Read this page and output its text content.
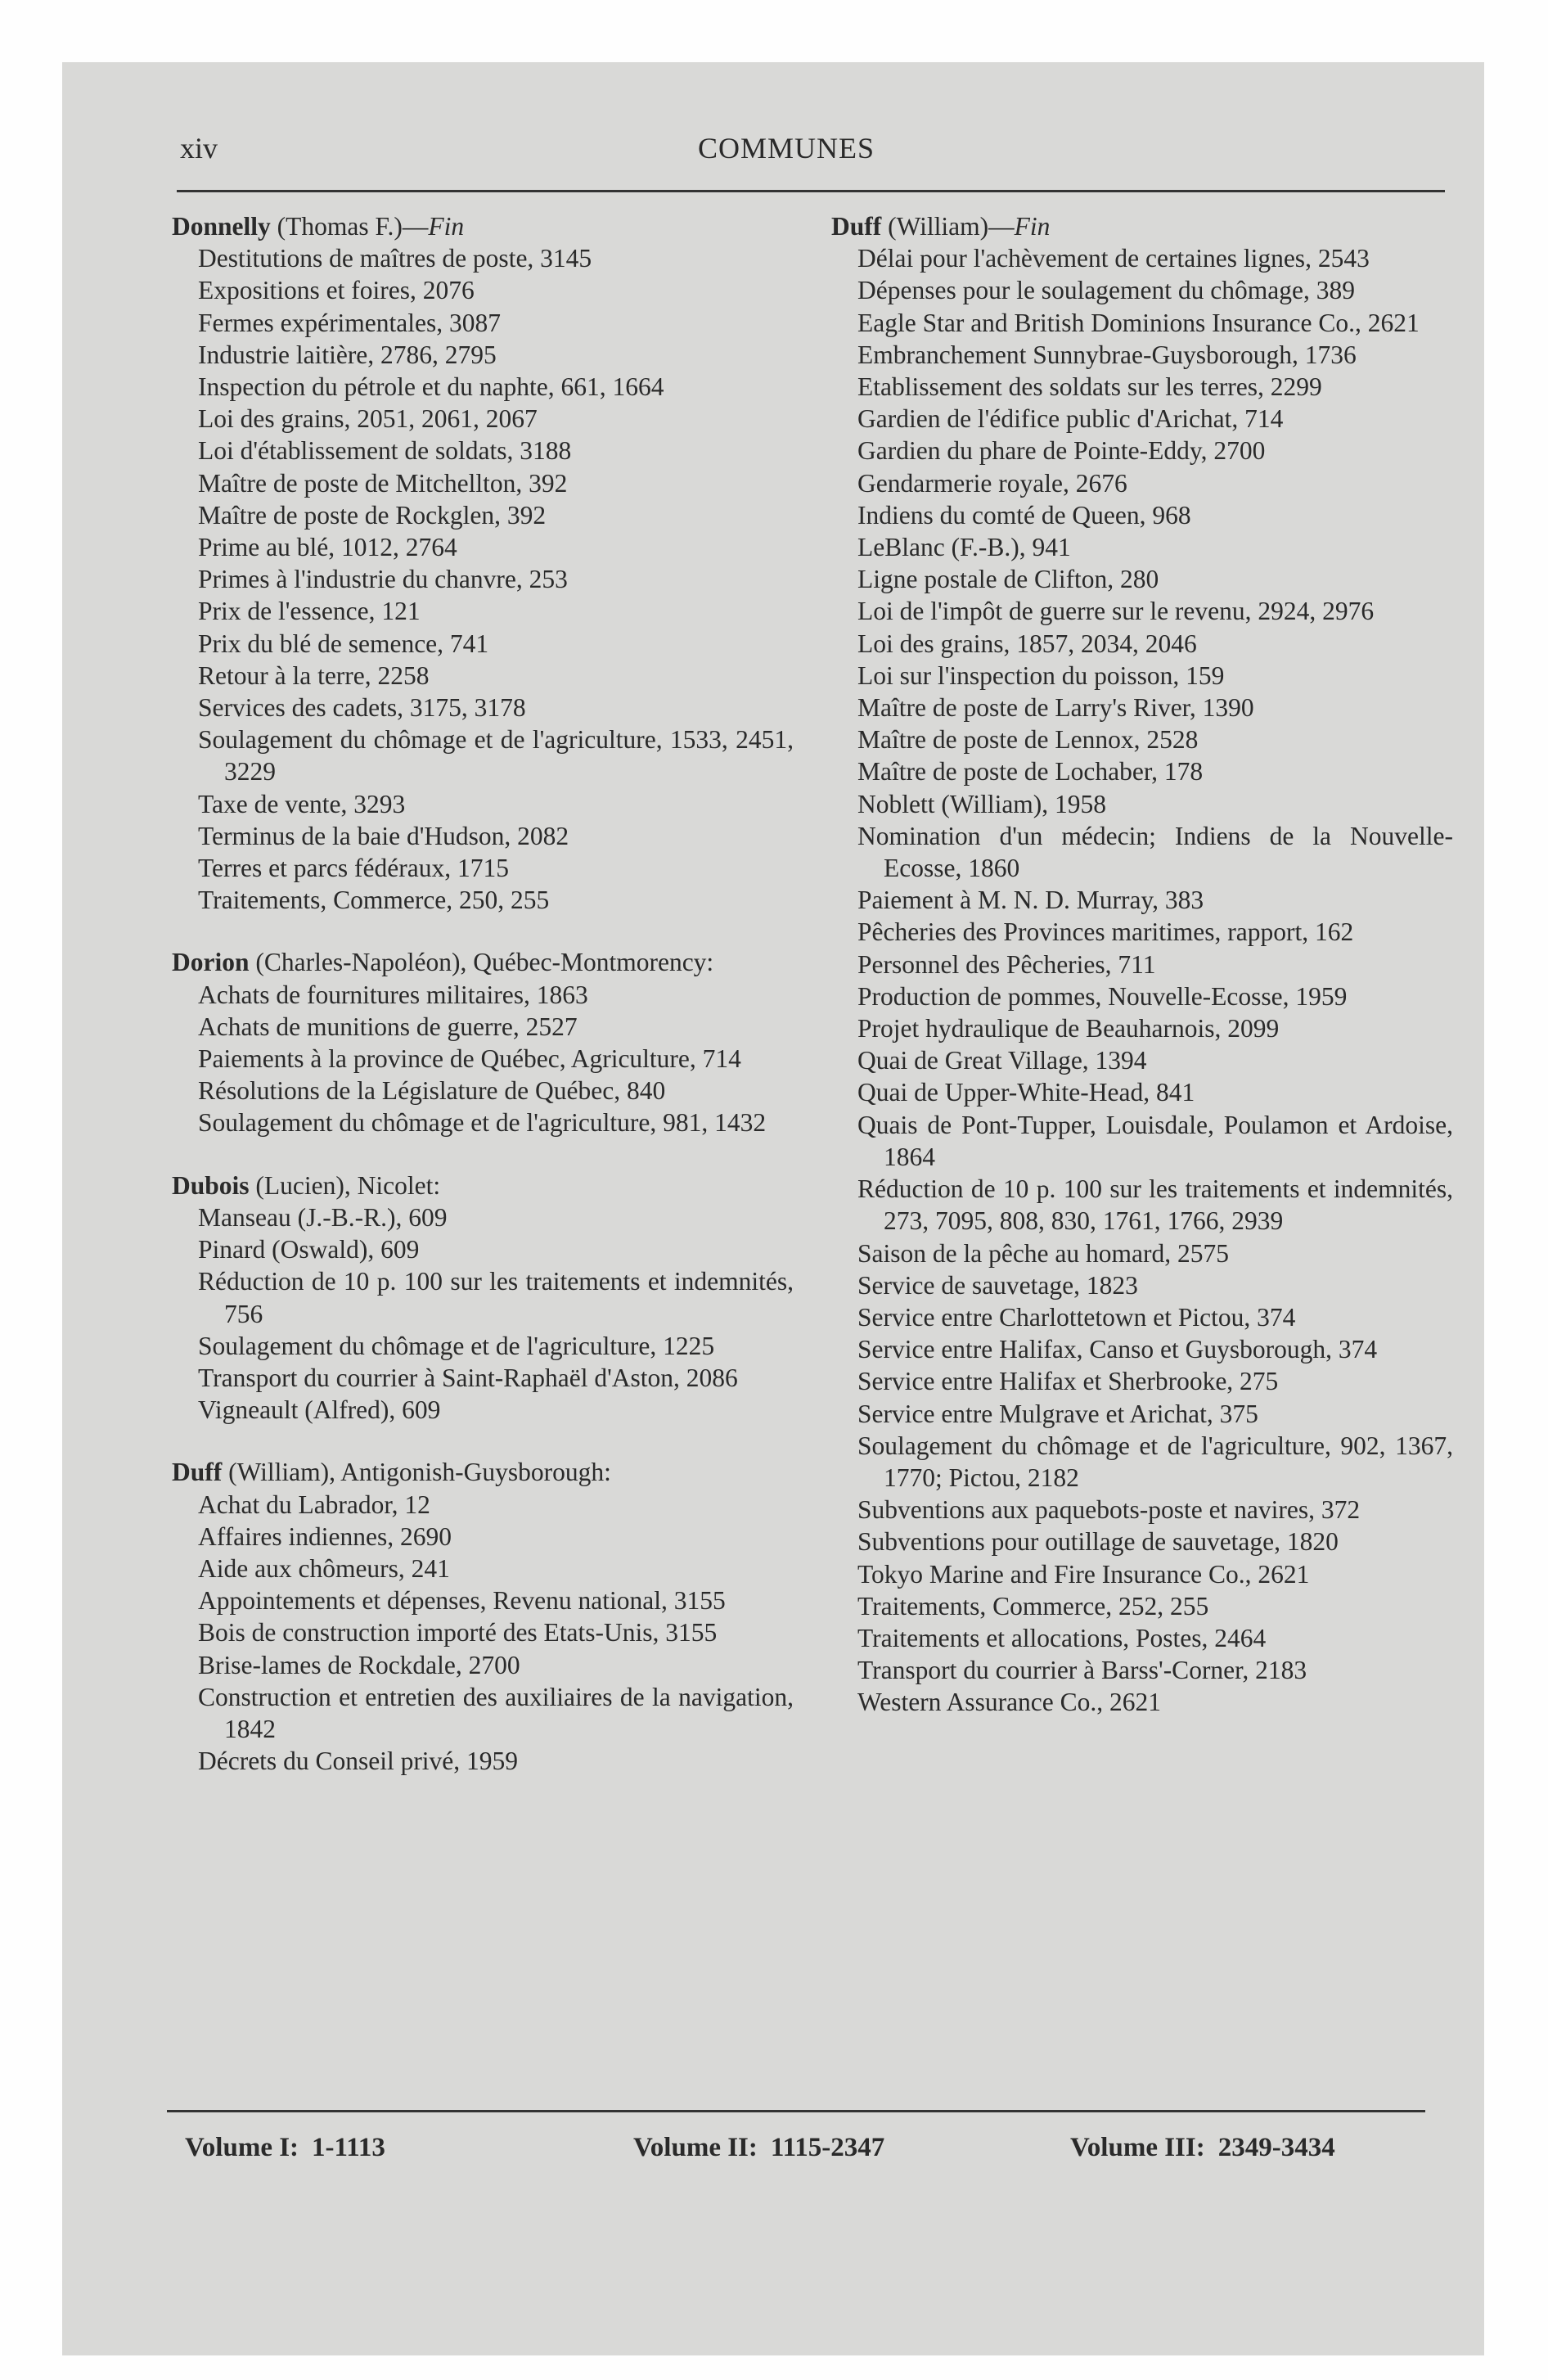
xiv	COMMUNES
Donnelly (Thomas F.)—Fin
Destitutions de maîtres de poste, 3145
Expositions et foires, 2076
Fermes expérimentales, 3087
Industrie laitière, 2786, 2795
Inspection du pétrole et du naphte, 661, 1664
Loi des grains, 2051, 2061, 2067
Loi d'établissement de soldats, 3188
Maître de poste de Mitchellton, 392
Maître de poste de Rockglen, 392
Prime au blé, 1012, 2764
Primes à l'industrie du chanvre, 253
Prix de l'essence, 121
Prix du blé de semence, 741
Retour à la terre, 2258
Services des cadets, 3175, 3178
Soulagement du chômage et de l'agriculture, 1533, 2451, 3229
Taxe de vente, 3293
Terminus de la baie d'Hudson, 2082
Terres et parcs fédéraux, 1715
Traitements, Commerce, 250, 255
Dorion (Charles-Napoléon), Québec-Montmorency:
Achats de fournitures militaires, 1863
Achats de munitions de guerre, 2527
Paiements à la province de Québec, Agriculture, 714
Résolutions de la Législature de Québec, 840
Soulagement du chômage et de l'agriculture, 981, 1432
Dubois (Lucien), Nicolet:
Manseau (J.-B.-R.), 609
Pinard (Oswald), 609
Réduction de 10 p. 100 sur les traitements et indemnités, 756
Soulagement du chômage et de l'agriculture, 1225
Transport du courrier à Saint-Raphaël d'Aston, 2086
Vigneault (Alfred), 609
Duff (William), Antigonish-Guysborough:
Achat du Labrador, 12
Affaires indiennes, 2690
Aide aux chômeurs, 241
Appointements et dépenses, Revenu national, 3155
Bois de construction importé des Etats-Unis, 3155
Brise-lames de Rockdale, 2700
Construction et entretien des auxiliaires de la navigation, 1842
Décrets du Conseil privé, 1959
Duff (William)—Fin
Délai pour l'achèvement de certaines lignes, 2543
Dépenses pour le soulagement du chômage, 389
Eagle Star and British Dominions Insurance Co., 2621
Embranchement Sunnybrae-Guysborough, 1736
Etablissement des soldats sur les terres, 2299
Gardien de l'édifice public d'Arichat, 714
Gardien du phare de Pointe-Eddy, 2700
Gendarmerie royale, 2676
Indiens du comté de Queen, 968
LeBlanc (F.-B.), 941
Ligne postale de Clifton, 280
Loi de l'impôt de guerre sur le revenu, 2924, 2976
Loi des grains, 1857, 2034, 2046
Loi sur l'inspection du poisson, 159
Maître de poste de Larry's River, 1390
Maître de poste de Lennox, 2528
Maître de poste de Lochaber, 178
Noblett (William), 1958
Nomination d'un médecin; Indiens de la Nouvelle-Ecosse, 1860
Paiement à M. N. D. Murray, 383
Pêcheries des Provinces maritimes, rapport, 162
Personnel des Pêcheries, 711
Production de pommes, Nouvelle-Ecosse, 1959
Projet hydraulique de Beauharnois, 2099
Quai de Great Village, 1394
Quai de Upper-White-Head, 841
Quais de Pont-Tupper, Louisdale, Poulamon et Ardoise, 1864
Réduction de 10 p. 100 sur les traitements et indemnités, 273, 7095, 808, 830, 1761, 1766, 2939
Saison de la pêche au homard, 2575
Service de sauvetage, 1823
Service entre Charlottetown et Pictou, 374
Service entre Halifax, Canso et Guysborough, 374
Service entre Halifax et Sherbrooke, 275
Service entre Mulgrave et Arichat, 375
Soulagement du chômage et de l'agriculture, 902, 1367, 1770; Pictou, 2182
Subventions aux paquebots-poste et navires, 372
Subventions pour outillage de sauvetage, 1820
Tokyo Marine and Fire Insurance Co., 2621
Traitements, Commerce, 252, 255
Traitements et allocations, Postes, 2464
Transport du courrier à Barss'-Corner, 2183
Western Assurance Co., 2621
Volume I: 1-1113	Volume II: 1115-2347	Volume III: 2349-3434
